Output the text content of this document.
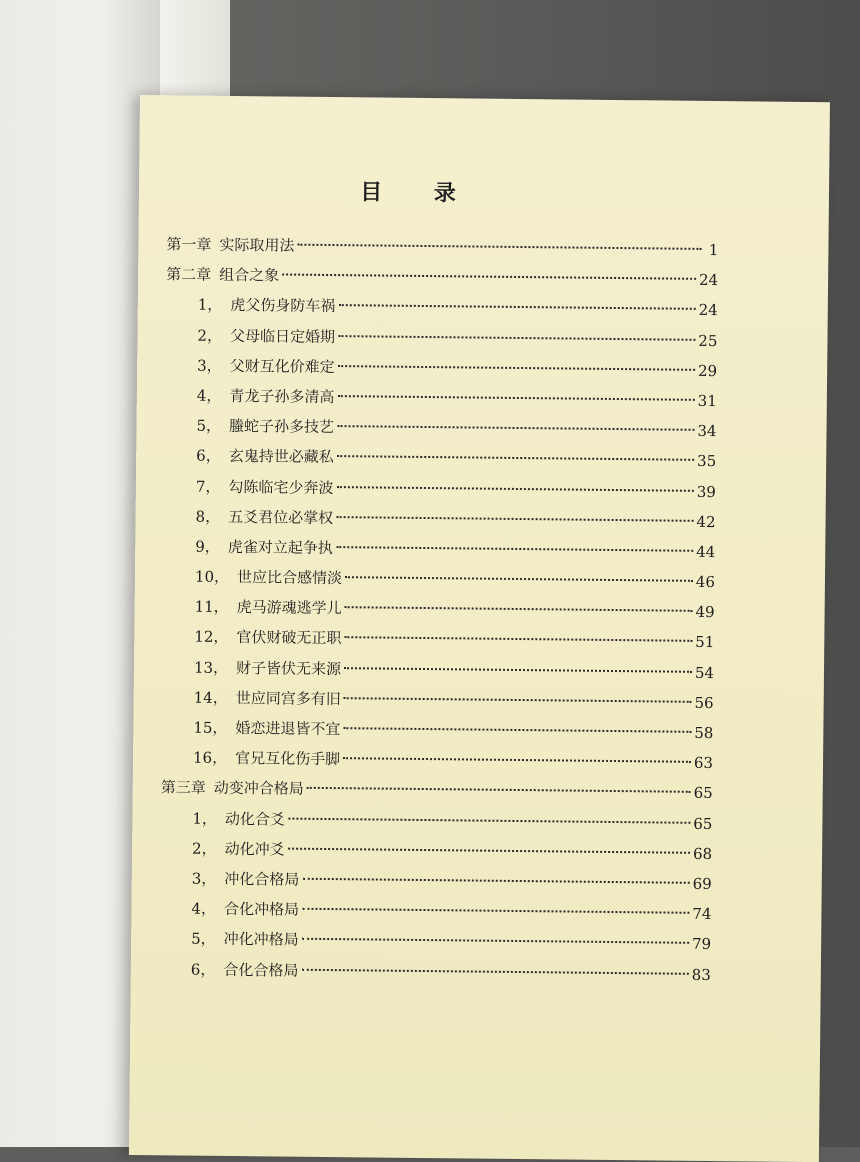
目 录
第一章 实际取用法	1
第二章 组合之象	24
1， 虎父伤身防车祸	24
2， 父母临日定婚期	25
3， 父财互化价难定	29
4， 青龙子孙多清高	31
5， 螣蛇子孙多技艺	34
6， 玄鬼持世必藏私	35
7， 勾陈临宅少奔波	39
8， 五爻君位必掌权	42
9， 虎雀对立起争执	44
10， 世应比合感情淡	46
11， 虎马游魂逃学儿	49
12， 官伏财破无正职	51
13， 财子皆伏无来源	54
14， 世应同宫多有旧	56
15， 婚恋进退皆不宜	58
16， 官兄互化伤手脚	63
第三章 动变冲合格局	65
1， 动化合爻	65
2， 动化冲爻	68
3， 冲化合格局	69
4， 合化冲格局	74
5， 冲化冲格局	79
6， 合化合格局	83
